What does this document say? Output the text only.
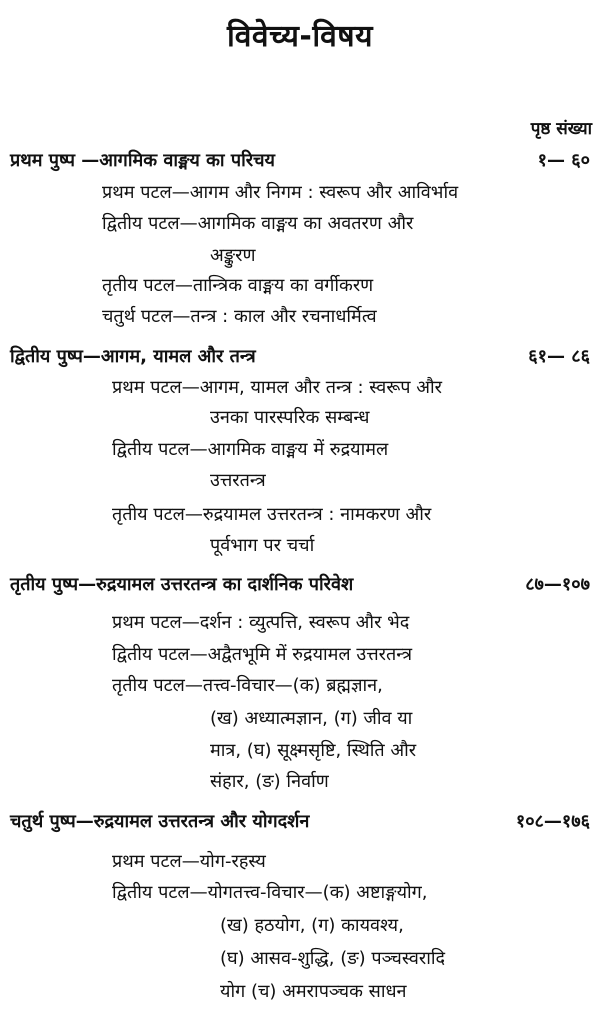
विवेच्य-विषय
पृष्ठ संख्या
प्रथम पुष्प —आगमिक वाङ्मय का परिचय	१— ६०
प्रथम पटल—आगम और निगम : स्वरूप और आविर्भाव
द्वितीय पटल—आगमिक वाङ्मय का अवतरण और
अङ्कुरण
तृतीय पटल—तान्त्रिक वाङ्मय का वर्गीकरण
चतुर्थ पटल—तन्त्र : काल और रचनाधर्मित्व
द्वितीय पुष्प—आगम, यामल और तन्त्र	६१— ८६
प्रथम पटल—आगम, यामल और तन्त्र : स्वरूप और
उनका पारस्परिक सम्बन्ध
द्वितीय पटल—आगमिक वाङ्मय में रुद्रयामल
उत्तरतन्त्र
तृतीय पटल—रुद्रयामल उत्तरतन्त्र : नामकरण और
पूर्वभाग पर चर्चा
तृतीय पुष्प—रुद्रयामल उत्तरतन्त्र का दार्शनिक परिवेश	८७—१०७
प्रथम पटल—दर्शन : व्युत्पत्ति, स्वरूप और भेद
द्वितीय पटल—अद्वैतभूमि में रुद्रयामल उत्तरतन्त्र
तृतीय पटल—तत्त्व-विचार—(क) ब्रह्मज्ञान,
(ख) अध्यात्मज्ञान, (ग) जीव या
मात्र, (घ) सूक्ष्मसृष्टि, स्थिति और
संहार, (ङ) निर्वाण
चतुर्थ पुष्प—रुद्रयामल उत्तरतन्त्र और योगदर्शन	१०८—१७६
प्रथम पटल—योग-रहस्य
द्वितीय पटल—योगतत्त्व-विचार—(क) अष्टाङ्गयोग,
(ख) हठयोग, (ग) कायवश्य,
(घ) आसव-शुद्धि, (ङ) पञ्चस्वरादि
योग (च) अमरापञ्चक साधन
